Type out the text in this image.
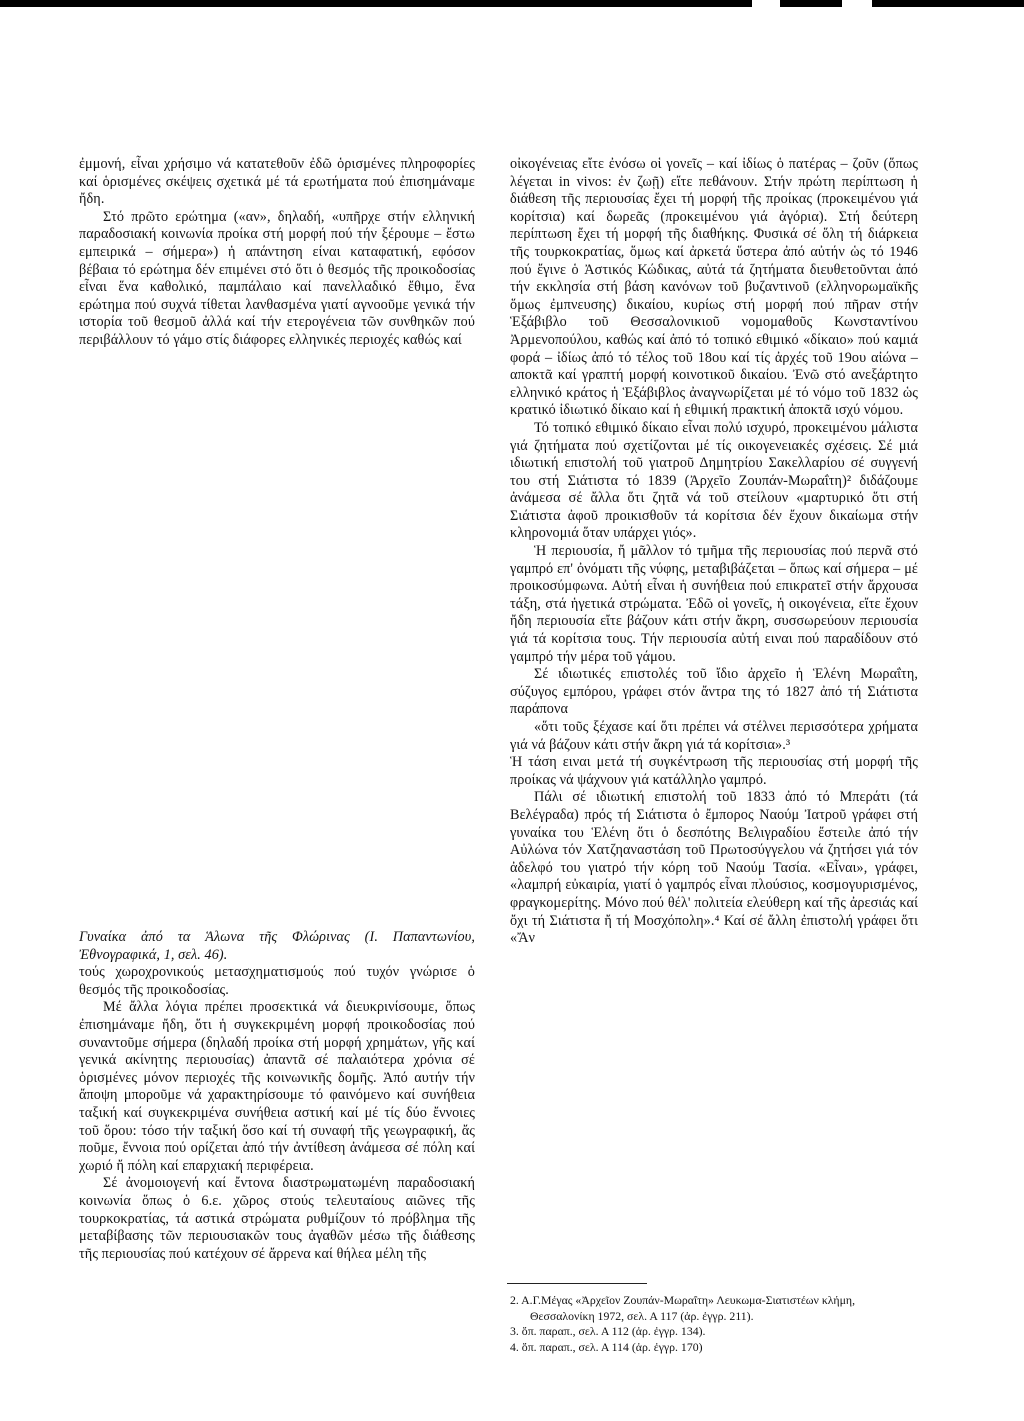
ἐμμονή, εἶναι χρήσιμο νά κατατεθοῦν ἐδῶ ὁρισμένες πληροφορίες καί ὁρισμένες σκέψεις σχετικά μέ τά ερωτήματα πού ἐπισημάναμε ἤδη.

Στό πρῶτο ερώτημα («αν», δηλαδή, «υπῆρχε στήν ελληνική παραδοσιακή κοινωνία προίκα στή μορφή πού τήν ξέρουμε – ἔστω εμπειρικά – σήμερα») ἡ απάντηση είναι καταφατική, εφόσον βέβαια τό ερώτημα δέν επιμένει στό ὅτι ὁ θεσμός τῆς προικοδοσίας εἶναι ἕνα καθολικό, παμπάλαιο καί πανελλαδικό ἔθιμο, ἕνα ερώτημα πού συχνά τίθεται λανθασμένα γιατί αγνοοῦμε γενικά τήν ιστορία τοῦ θεσμοῦ ἀλλά καί τήν ετερογένεια τῶν συνθηκῶν πού περιβάλλουν τό γάμο στίς διάφορες ελληνικές περιοχές καθώς καί

Γυναίκα ἀπό τα Ἁλωνα τῆς Φλώρινας (Ι. Παπαντωνίου, Ἐθνογραφικά, 1, σελ. 46).

τούς χωροχρονικούς μετασχηματισμούς πού τυχόν γνώρισε ὁ θεσμός τῆς προικοδοσίας.

Μέ ἄλλα λόγια πρέπει προσεκτικά νά διευκρινίσουμε, ὅπως ἐπισημάναμε ἤδη, ὅτι ἡ συγκεκριμένη μορφή προικοδοσίας πού συναντοῦμε σήμερα (δηλαδή προίκα στή μορφή χρημάτων, γῆς καί γενικά ακίνητης περιουσίας) ἀπαντᾶ σέ παλαιότερα χρόνια σέ ὁρισμένες μόνον περιοχές τῆς κοινωνικῆς δομῆς. Ἀπό αυτήν τήν ἄποψη μποροῦμε νά χαρακτηρίσουμε τό φαινόμενο καί συνήθεια ταξική καί συγκεκριμένα συνήθεια αστική καί μέ τίς δύο ἔννοιες τοῦ ὅρου: τόσο τήν ταξική ὅσο καί τή συναφή τῆς γεωγραφική, ἄς ποῦμε, ἔννοια πού ορίζεται ἀπό τήν ἀντίθεση ἀνάμεσα σέ πόλη καί χωριό ἤ πόλη καί επαρχιακή περιφέρεια.

Σέ ἀνομοιογενή καί ἔντονα διαστρωματωμένη παραδοσιακή κοινωνία ὅπως ὁ 6.ε. χῶρος στούς τελευταίους αιῶνες τῆς τουρκοκρατίας, τά αστικά στρώματα ρυθμίζουν τό πρόβλημα τῆς μεταβίβασης τῶν περιουσιακῶν τους ἀγαθῶν μέσω τῆς διάθεσης τῆς περιουσίας πού κατέχουν σέ ἄρρενα καί θήλεα μέλη τῆς

οἰκογένειας εἴτε ἐνόσω οἱ γονεῖς – καί ἰδίως ὁ πατέρας – ζοῦν (ὅπως λέγεται in vivos: ἐν ζωῇ) εἴτε πεθάνουν. Στήν πρώτη περίπτωση ἡ διάθεση τῆς περιουσίας ἔχει τή μορφή τῆς προίκας (προκειμένου γιά κορίτσια) καί δωρεᾶς (προκειμένου γιά ἀγόρια). Στή δεύτερη περίπτωση ἔχει τή μορφή τῆς διαθήκης. Φυσικά σέ ὅλη τή διάρκεια τῆς τουρκοκρατίας, ὅμως καί ἀρκετά ὕστερα ἀπό αὐτήν ὡς τό 1946 πού ἔγινε ὁ Ἀστικός Κώδικας, αὐτά τά ζητήματα διευθετοῦνται ἀπό τήν εκκλησία στή βάση κανόνων τοῦ βυζαντινοῦ (ελληνορωμαϊκῆς ὅμως ἐμπνευσης) δικαίου, κυρίως στή μορφή πού πῆραν στήν Ἑξάβιβλο τοῦ Θεσσαλονικιοῦ νομομαθοῦς Κωνσταντίνου Ἀρμενοπούλου, καθώς καί ἀπό τό τοπικό εθιμικό «δίκαιο» πού καμιά φορά – ἰδίως ἀπό τό τέλος τοῦ 18ου καί τίς ἀρχές τοῦ 19ου αἰώνα – αποκτᾶ καί γραπτή μορφή κοινοτικοῦ δικαίου. Ἐνῶ στό ανεξάρτητο ελληνικό κράτος ἡ Ἑξάβιβλος ἀναγνωρίζεται μέ τό νόμο τοῦ 1832 ὡς κρατικό ἰδιωτικό δίκαιο καί ἡ εθιμική πρακτική ἀποκτᾶ ισχύ νόμου.

Τό τοπικό εθιμικό δίκαιο εἶναι πολύ ισχυρό, προκειμένου μάλιστα γιά ζητήματα πού σχετίζονται μέ τίς οικογενειακές σχέσεις. Σέ μιά ιδιωτική επιστολή τοῦ γιατροῦ Δημητρίου Σακελλαρίου σέ συγγενή του στή Σιάτιστα τό 1839 (Ἀρχεῖο Ζουπάν-Μωραΐτη)² διδάζουμε ἀνάμεσα σέ ἄλλα ὅτι ζητᾶ νά τοῦ στείλουν «μαρτυρικό ὅτι στή Σιάτιστα ἀφοῦ προικισθοῦν τά κορίτσια δέν ἔχουν δικαίωμα στήν κληρονομιά ὅταν υπάρχει γιός».

Ἡ περιουσία, ἤ μᾶλλον τό τμῆμα τῆς περιουσίας πού περνᾶ στό γαμπρό επ' ὀνόματι τῆς νύφης, μεταβιβάζεται – ὅπως καί σήμερα – μέ προικοσύμφωνα. Αὐτή εἶναι ἡ συνήθεια πού επικρατεῖ στήν ἄρχουσα τάξη, στά ἡγετικά στρώματα. Ἐδῶ οἱ γονεῖς, ἡ οικογένεια, εἴτε ἔχουν ἤδη περιουσία εἴτε βάζουν κάτι στήν ἄκρη, συσσωρεύουν περιουσία γιά τά κορίτσια τους. Τήν περιουσία αὐτή ειναι πού παραδίδουν στό γαμπρό τήν μέρα τοῦ γάμου.

Σέ ιδιωτικές επιστολές τοῦ ἴδιο ἀρχεῖο ἡ Ἑλένη Μωραΐτη, σύζυγος εμπόρου, γράφει στόν ἄντρα της τό 1827 ἀπό τή Σιάτιστα παράπονα

«ὅτι τοῦς ξέχασε καί ὅτι πρέπει νά στέλνει περισσότερα χρήματα γιά νά βάζουν κάτι στήν ἄκρη γιά τά κορίτσια».³

Ἡ τάση ειναι μετά τή συγκέντρωση τῆς περιουσίας στή μορφή τῆς προίκας νά ψάχνουν γιά κατάλληλο γαμπρό.

Πάλι σέ ιδιωτική επιστολή τοῦ 1833 ἀπό τό Μπεράτι (τά Βελέγραδα) πρός τή Σιάτιστα ὁ ἔμπορος Ναούμ Ἰατροῦ γράφει στή γυναίκα του Ἑλένη ὅτι ὁ δεσπότης Βελιγραδίου ἔστειλε ἀπό τήν Αὐλώνα τόν Χατζηαναστάση τοῦ Πρωτοσύγγελου νά ζητήσει γιά τόν ἀδελφό του γιατρό τήν κόρη τοῦ Ναούμ Τασία. «Εἶναι», γράφει, «λαμπρή εὐκαιρία, γιατί ὁ γαμπρός εἶναι πλούσιος, κοσμογυρισμένος, φραγκομερίτης. Μόνο πού θέλ' πολιτεία ελεύθερη καί τῆς ἀρεσιάς καί ὄχι τή Σιάτιστα ἤ τή Μοσχόπολη».⁴ Καί σέ ἄλλη ἐπιστολή γράφει ὅτι «Ἄν

2. Α.Γ.Μέγας «Ἀρχεῖον Ζουπάν-Μωραΐτη» Λευκωμα-Σιατιστέων κλήμη, Θεσσαλονίκη 1972, σελ. Α 117 (ἀρ. ἐγγρ. 211).

3. ὅπ. παραπ., σελ. Α 112 (ἀρ. ἐγγρ. 134).

4. ὅπ. παραπ., σελ. Α 114 (ἀρ. ἐγγρ. 170)
